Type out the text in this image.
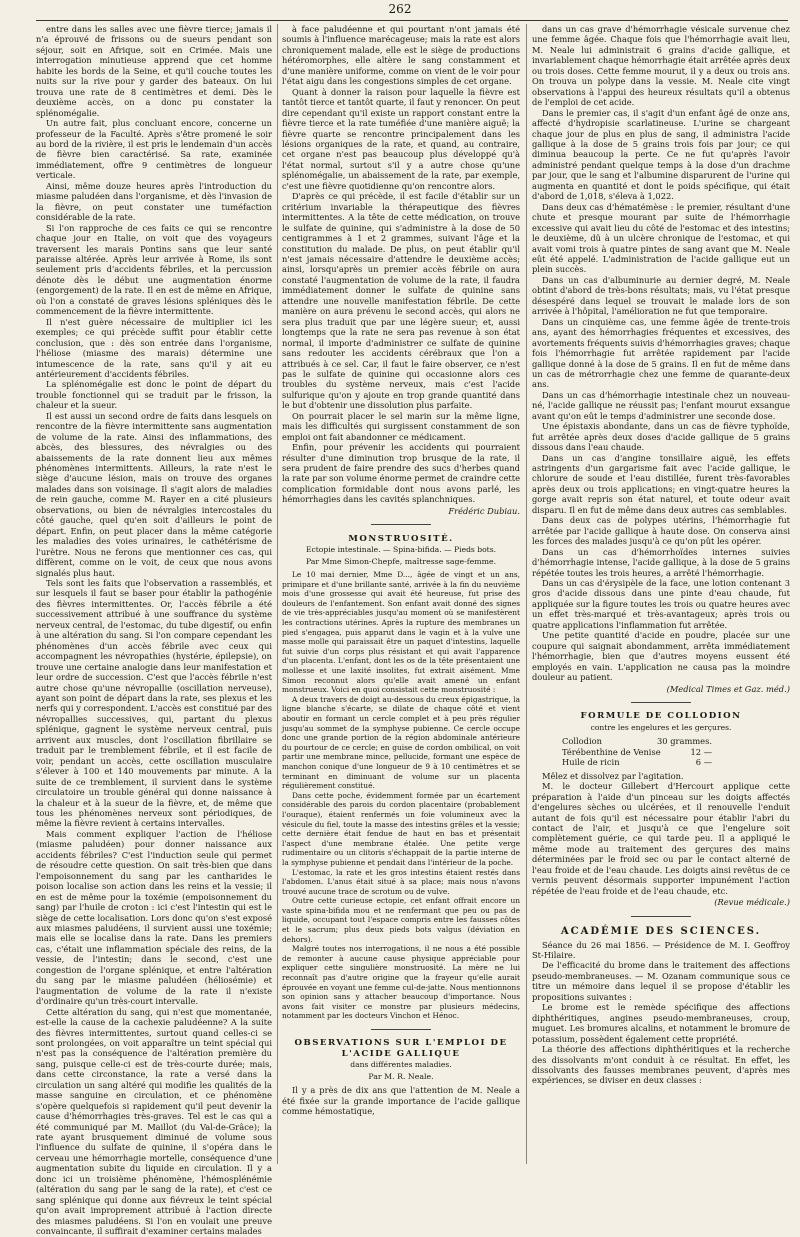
262

entre dans les salles avec une fièvre tierce; jamais il n'a éprouvé de frissons ou de sueurs pendant son séjour, soit en Afrique, soit en Crimée. Mais une interrogation minutieuse apprend que cet homme habite les bords de la Seine, et qu'il couche toutes les nuits sur la rive pour y garder des bateaux. On lui trouva une rate de 8 centimètres et demi. Dès le deuxième accès, on a donc pu constater la splénomégalie.

Un autre fait, plus concluant encore, concerne un professeur de la Faculté. Après s'être promené le soir au bord de la rivière, il est pris le lendemain d'un accès de fièvre bien caractérisé. Sa rate, examinée immédiatement, offre 9 centimètres de longueur verticale.

Ainsi, même douze heures après l'introduction du miasme paludéen dans l'organisme, et dès l'invasion de la fièvre, on peut constater une tuméfaction considérable de la rate.

Si l'on rapproche de ces faits ce qui se rencontre chaque jour en Italie, on voit que des voyageurs traversent les marais Pontins sans que leur santé paraisse altérée. Après leur arrivée à Rome, ils sont seulement pris d'accidents fébriles, et la percussion dénote dès le début une augmentation énorme (engorgement) de la rate. Il en est de même en Afrique, où l'on a constaté de graves lésions spléniques dès le commencement de la fièvre intermittente.

Il n'est guère nécessaire de multiplier ici les exemples; ce qui précède suffit pour établir cette conclusion, que : dès son entrée dans l'organisme, l'héliose (miasme des marais) détermine une intumescence de la rate, sans qu'il y ait eu antérieurement d'accidents fébriles.

La splénomégalie est donc le point de départ du trouble fonctionnel qui se traduit par le frisson, la chaleur et la sueur.

Il est aussi un second ordre de faits dans lesquels on rencontre de la fièvre intermittente sans augmentation de volume de la rate. Ainsi des inflammations, des abcès, des blessures, des névralgies ou des abaissements de la rate donnent lieu aux mêmes phénomènes intermittents. Ailleurs, la rate n'est le siège d'aucune lésion, mais on trouve des organes malades dans son voisinage. Il s'agit alors de maladies de rein gauche, comme M. Rayer en a cité plusieurs observations, ou bien de névralgies intercostales du côté gauche, quel qu'en soit d'ailleurs le point de départ. Enfin, on peut placer dans la même catégorie les maladies des voies urinaires, le cathétérisme de l'urètre. Nous ne ferons que mentionner ces cas, qui diffèrent, comme on le voit, de ceux que nous avons signalés plus haut.

Tels sont les faits que l'observation a rassemblés, et sur lesquels il faut se baser pour établir la pathogénie des fièvres intermittentes. Or, l'accès fébrile a été successivement attribué à une souffrance du système nerveux central, de l'estomac, du tube digestif, ou enfin à une altération du sang. Si l'on compare cependant les phénomènes d'un accès fébrile avec ceux qui accompagnent les névropathies (hystérie, épilepsie), on trouve une certaine analogie dans leur manifestation et leur ordre de succession. C'est que l'accès fébrile n'est autre chose qu'une névropallie (oscillation nerveuse), ayant son point de départ dans la rate, ses plexus et les nerfs qui y correspondent. L'accès est constitué par des névropallies successives, qui, partant du plexus splénique, gagnent le système nerveux central, puis arrivent aux muscles, dont l'oscillation fibrillaire se traduit par le tremblement fébrile, et il est facile de voir, pendant un accès, cette oscillation musculaire s'élever à 100 et 140 mouvements par minute. A la suite de ce tremblement, il survient dans le système circulatoire un trouble général qui donne naissance à la chaleur et à la sueur de la fièvre, et, de même que tous les phénomènes nerveux sont périodiques, de même la fièvre revient à certains intervalles.

Mais comment expliquer l'action de l'héliose (miasme paludéen) pour donner naissance aux accidents fébriles? C'est l'induction seule qui permet de résoudre cette question. On sait très-bien que dans l'empoisonnement du sang par les cantharides le poison localise son action dans les reins et la vessie; il en est de même pour la toxémie (empoisonnement du sang) par l'huile de croton : ici c'est l'intestin qui est le siège de cette localisation. Lors donc qu'on s'est exposé aux miasmes paludéens, il survient aussi une toxémie; mais elle se localise dans la rate. Dans les premiers cas, c'était une inflammation spéciale des reins, de la vessie, de l'intestin; dans le second, c'est une congestion de l'organe splénique, et entre l'altération du sang par le miasme paludéen (héliosémie) et l'augmentation de volume de la rate il n'existe d'ordinaire qu'un très-court intervalle.

Cette altération du sang, qui n'est que momentanée, est-elle la cause de la cachexie paludéenne? A la suite des fièvres intermittentes, surtout quand celles-ci se sont prolongées, on voit apparaître un teint spécial qui n'est pas la conséquence de l'altération première du sang, puisque celle-ci est de très-courte durée; mais, dans cette circonstance, la rate a versé dans la circulation un sang altéré qui modifie les qualités de la masse sanguine en circulation, et ce phénomène s'opère quelquefois si rapidement qu'il peut devenir la cause d'hémorrhagies très-graves. Tel est le cas qui a été communiqué par M. Maillot (du Val-de-Grâce); la rate ayant brusquement diminué de volume sous l'influence du sulfate de quinine, il s'opéra dans le cerveau une hémorrhagie mortelle, conséquence d'une augmentation subite du liquide en circulation. Il y a donc ici un troisième phénomène, l'hémosplénémie (altération du sang par le sang de la rate), et c'est ce sang splénique qui donne aux fiévreux le teint spécial qu'on avait improprement attribué à l'action directe des miasmes paludéens. Si l'on en voulait une preuve convaincante, il suffirait d'examiner certains malades

à face paludéenne et qui pourtant n'ont jamais été soumis à l'influence marécageuse; mais la rate est alors chroniquement malade, elle est le siège de productions hétéromorphes, elle altère le sang constamment et d'une manière uniforme, comme on vient de le voir pour l'état aigu dans les congestions simples de cet organe.

Quant à donner la raison pour laquelle la fièvre est tantôt tierce et tantôt quarte, il faut y renoncer. On peut dire cependant qu'il existe un rapport constant entre la fièvre tierce et la rate tuméfiée d'une manière aiguë; la fièvre quarte se rencontre principalement dans les lésions organiques de la rate, et quand, au contraire, cet organe n'est pas beaucoup plus développé qu'à l'état normal, surtout s'il y a autre chose qu'une splénomégalie, un abaissement de la rate, par exemple, c'est une fièvre quotidienne qu'on rencontre alors.

D'après ce qui précède, il est facile d'établir sur un critérium invariable la thérapeutique des fièvres intermittentes. A la tête de cette médication, on trouve le sulfate de quinine, qui s'administre à la dose de 50 centigrammes à 1 et 2 grammes, suivant l'âge et la constitution du malade. De plus, on peut établir qu'il n'est jamais nécessaire d'attendre le deuxième accès; ainsi, lorsqu'après un premier accès fébrile on aura constaté l'augmentation de volume de la rate, il faudra immédiatement donner le sulfate de quinine sans attendre une nouvelle manifestation fébrile. De cette manière on aura prévenu le second accès, qui alors ne sera plus traduit que par une légère sueur; et, aussi longtemps que la rate ne sera pas revenue à son état normal, il importe d'administrer ce sulfate de quinine sans redouter les accidents cérébraux que l'on a attribués à ce sel. Car, il faut le faire observer, ce n'est pas le sulfate de quinine qui occasionne alors ces troubles du système nerveux, mais c'est l'acide sulfurique qu'on y ajoute en trop grande quantité dans le but d'obtenir une dissolution plus parfaite.

On pourrait placer le sel marin sur la même ligne, mais les difficultés qui surgissent constamment de son emploi ont fait abandonner ce médicament.

Enfin, pour prévenir les accidents qui pourraient résulter d'une diminution trop brusque de la rate, il sera prudent de faire prendre des sucs d'herbes quand la rate par son volume énorme permet de craindre cette complication formidable dont nous avons parlé, les hémorrhagies dans les cavités splanchniques.

Frédéric Dubiau.
MONSTRUOSITÉ.
Ectopie intestinale. — Spina-bifida. — Pieds bots.
Par Mme Simon-Chepfe, maîtresse sage-femme.

Le 10 mai dernier, Mme D..., âgée de vingt et un ans, primipare et d'une brillante santé, arrivée à la fin du neuvième mois d'une grossesse qui avait été heureuse, fut prise des douleurs de l'enfantement. Son enfant avait donné des signes de vie très-appréciables jusqu'au moment où se manifestèrent les contractions utérines. Après la rupture des membranes un pied s'engagea, puis apparut dans le vagin et à la vulve une masse molle qui paraissait être un paquet d'intestins, laquelle fut suivie d'un corps plus résistant et qui avait l'apparence d'un placenta. L'enfant, dont les os de la tête présentaient une mollesse et une laxité insolites, fut extrait aisément. Mme Simon reconnut alors qu'elle avait amené un enfant monstrueux. Voici en quoi consistait cette monstruosité :

A deux travers de doigt au-dessous du creux épigastrique, la ligne blanche s'écarte, se dilate de chaque côté et vient aboutir en formant un cercle complet et à peu près régulier jusqu'au sommet de la symphyse pubienne. Ce cercle occupe donc une grande portion de la région abdominale antérieure du pourtour de ce cercle; en guise de cordon ombilical, on voit partir une membrane mince, pellucide, formant une espèce de manchon conique d'une longueur de 9 à 10 centimètres et se terminant en diminuant de volume sur un placenta régulièrement constitué.

Dans cette poche, évidemment formée par un écartement considérable des parois du cordon placentaire (probablement l'ouraque), étaient renfermés un foie volumineux avec la vésicule du fiel, toute la masse des intestins grêles et la vessie; cette dernière était fendue de haut en bas et présentait l'aspect d'une membrane étalée. Une petite verge rudimentaire ou un clitoris s'échappait de la partie interne de la symphyse pubienne et pendait dans l'intérieur de la poche.

L'estomac, la rate et les gros intestins étaient restés dans l'abdomen. L'anus était situé à sa place; mais nous n'avons trouvé aucune trace de scrotum ou de vulve.

Outre cette curieuse ectopie, cet enfant offrait encore un vaste spina-bifida mou et ne renfermant que peu ou pas de liquide, occupant tout l'espace compris entre les fausses côtes et le sacrum; plus deux pieds bots valgus (déviation en dehors).

Malgré toutes nos interrogations, il ne nous a été possible de remonter à aucune cause physique appréciable pour expliquer cette singulière monstruosité. La mère ne lui reconnaît pas d'autre origine que la frayeur qu'elle aurait éprouvée en voyant une femme cul-de-jatte. Nous mentionnons son opinion sans y attacher beaucoup d'importance. Nous avons fait visiter ce monstre par plusieurs médecins, notamment par les docteurs Vinchon et Hénoc.

OBSERVATIONS SUR L'EMPLOI DE L'ACIDE GALLIQUE
dans différentes maladies.
Par M. R. Neale.

Il y a près de dix ans que l'attention de M. Neale a été fixée sur la grande importance de l'acide gallique comme hémostatique,

dans un cas grave d'hémorrhagie vésicale survenue chez une femme âgée. Chaque fois que l'hémorrhagie avait lieu, M. Neale lui administrait 6 grains d'acide gallique, et invariablement chaque hémorrhagie était arrêtée après deux ou trois doses. Cette femme mourut, il y a deux ou trois ans. On trouva un polype dans la vessie. M. Neale cite vingt observations à l'appui des heureux résultats qu'il a obtenus de l'emploi de cet acide.

Dans le premier cas, il s'agit d'un enfant âgé de onze ans, affecté d'hydropisie scarlatineuse. L'urine se chargeant chaque jour de plus en plus de sang, il administra l'acide gallique à la dose de 5 grains trois fois par jour; ce qui diminua beaucoup la perte. Ce ne fut qu'après l'avoir administré pendant quelque temps à la dose d'un drachme par jour, que le sang et l'albumine disparurent de l'urine qui augmenta en quantité et dont le poids spécifique, qui était d'abord de 1,018, s'éleva à 1,022.

Dans deux cas d'hématémèse : le premier, résultant d'une chute et presque mourant par suite de l'hémorrhagie excessive qui avait lieu du côté de l'estomac et des intestins; le deuxième, dû à un ulcère chronique de l'estomac, et qui avait vomi trois à quatre pintes de sang avant que M. Neale eût été appelé. L'administration de l'acide gallique eut un plein succès.

Dans un cas d'albuminurie au dernier degré, M. Neale obtint d'abord de très-bons résultats; mais, vu l'état presque désespéré dans lequel se trouvait le malade lors de son arrivée à l'hôpital, l'amélioration ne fut que temporaire.

Dans un cinquième cas, une femme âgée de trente-trois ans, ayant des hémorrhagies fréquentes et excessives, des avortements fréquents suivis d'hémorrhagies graves; chaque fois l'hémorrhagie fut arrêtée rapidement par l'acide gallique donné à la dose de 5 grains. Il en fut de même dans un cas de métrorrhagie chez une femme de quarante-deux ans.

Dans un cas d'hémorrhagie intestinale chez un nouveau-né, l'acide gallique ne réussit pas; l'enfant mourut exsangue avant qu'on eût le temps d'administrer une seconde dose.

Une épistaxis abondante, dans un cas de fièvre typhoïde, fut arrêtée après deux doses d'acide gallique de 5 grains dissous dans l'eau chaude.

Dans un cas d'angine tonsillaire aiguë, les effets astringents d'un gargarisme fait avec l'acide gallique, le chlorure de soude et l'eau distillée, furent très-favorables après deux ou trois applications; en vingt-quatre heures la gorge avait repris son état naturel, et toute odeur avait disparu. Il en fut de même dans deux autres cas semblables.

Dans deux cas de polypes utérins, l'hémorrhagie fut arrêtée par l'acide gallique à haute dose. On conserva ainsi les forces des malades jusqu'à ce qu'on pût les opérer.

Dans un cas d'hémorrhoïdes internes suivies d'hémorrhagie intense, l'acide gallique, à la dose de 5 grains répétée toutes les trois heures, a arrêté l'hémorrhagie.

Dans un cas d'érysipèle de la face, une lotion contenant 3 gros d'acide dissous dans une pinte d'eau chaude, fut appliquée sur la figure toutes les trois ou quatre heures avec un effet très-marqué et très-avantageux; après trois ou quatre applications l'inflammation fut arrêtée.

Une petite quantité d'acide en poudre, placée sur une coupure qui saignait abondamment, arrêta immédiatement l'hémorrhagie, bien que d'autres moyens eussent été employés en vain. L'application ne causa pas la moindre douleur au patient.

(Medical Times et Gaz. méd.)
FORMULE DE COLLODION
contre les engelures et les gerçures.
Collodion	30 grammes.
Térébenthine de Venise	12 —
Huile de ricin	6 —

Mêlez et dissolvez par l'agitation.

M. le docteur Gillebert d'Hercourt applique cette préparation à l'aide d'un pinceau sur les doigts affectés d'engelures sèches ou ulcérées, et il renouvelle l'enduit autant de fois qu'il est nécessaire pour établir l'abri du contact de l'air, et jusqu'à ce que l'engelure soit complètement guérie, ce qui tarde peu. Il a appliqué le même mode au traitement des gerçures des mains déterminées par le froid sec ou par le contact alterné de l'eau froide et de l'eau chaude. Les doigts ainsi revêtus de ce vernis peuvent désormais supporter impunément l'action répétée de l'eau froide et de l'eau chaude, etc.

(Revue médicale.)
ACADÉMIE DES SCIENCES.

Séance du 26 mai 1856. — Présidence de M. I. Geoffroy St-Hilaire.

De l'efficacité du brome dans le traitement des affections pseudo-membraneuses. — M. Ozanam communique sous ce titre un mémoire dans lequel il se propose d'établir les propositions suivantes :

Le brome est le remède spécifique des affections diphthéritiques, angines pseudo-membraneuses, croup, muguet. Les bromures alcalins, et notamment le bromure de potassium, possèdent également cette propriété.

La théorie des affections diphthéritiques et la recherche des dissolvants m'ont conduit à ce résultat. En effet, les dissolvants des fausses membranes peuvent, d'après mes expériences, se diviser en deux classes :
